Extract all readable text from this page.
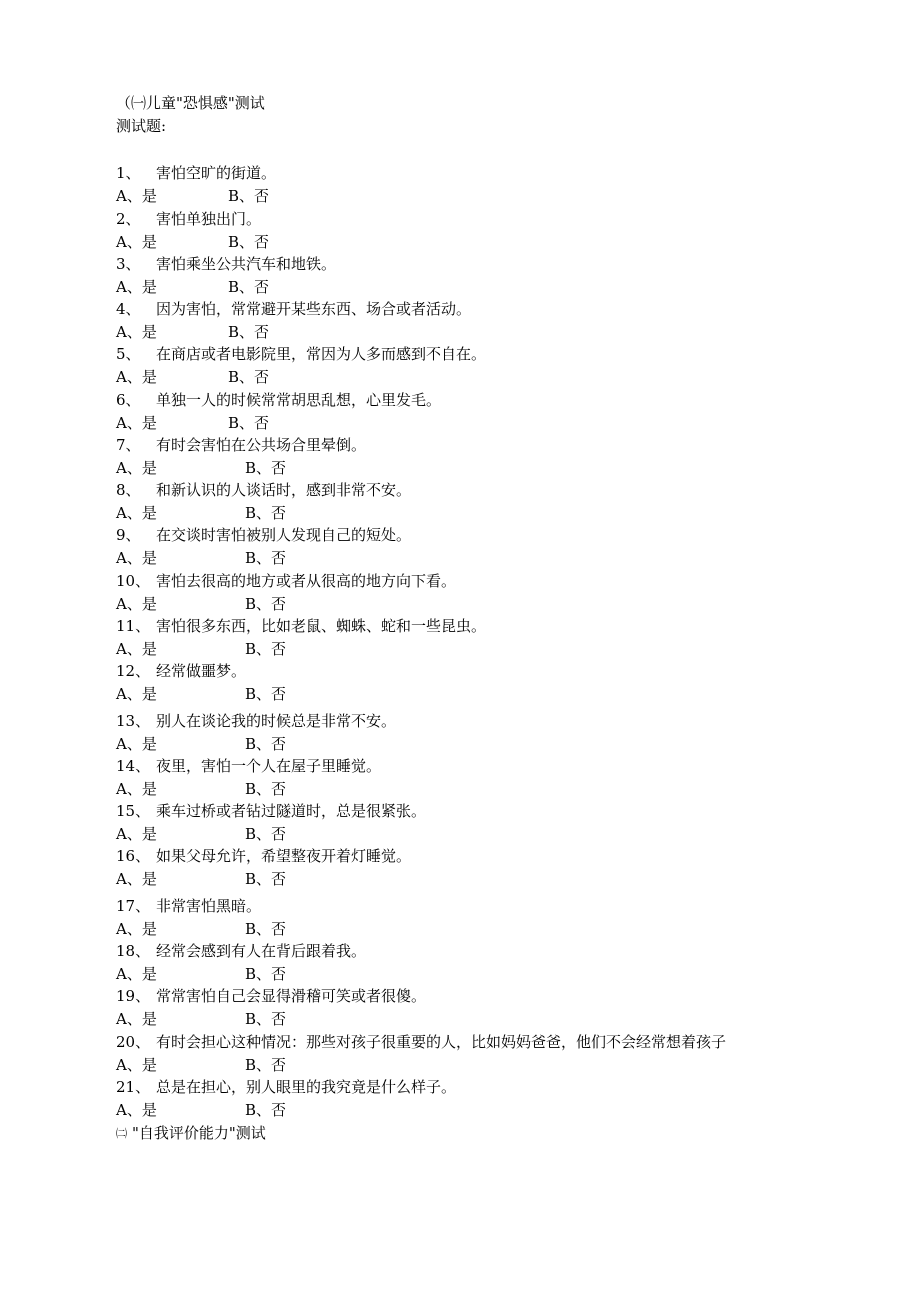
（㈠儿童"恐惧感"测试
测试题:
1、 害怕空旷的街道。
A、是	B、否
2、 害怕单独出门。
A、是	B、否
3、 害怕乘坐公共汽车和地铁。
A、是	B、否
4、 因为害怕，常常避开某些东西、场合或者活动。
A、是	B、否
5、 在商店或者电影院里，常因为人多而感到不自在。
A、是	B、否
6、 单独一人的时候常常胡思乱想，心里发毛。
A、是	B、否
7、 有时会害怕在公共场合里晕倒。
A、是	B、否
8、 和新认识的人谈话时，感到非常不安。
A、是	B、否
9、 在交谈时害怕被别人发现自己的短处。
A、是	B、否
10、 害怕去很高的地方或者从很高的地方向下看。
A、是	B、否
11、 害怕很多东西，比如老鼠、蜘蛛、蛇和一些昆虫。
A、是	B、否
12、 经常做噩梦。
A、是	B、否
13、 别人在谈论我的时候总是非常不安。
A、是	B、否
14、 夜里，害怕一个人在屋子里睡觉。
A、是	B、否
15、 乘车过桥或者钻过隧道时，总是很紧张。
A、是	B、否
16、 如果父母允许，希望整夜开着灯睡觉。
A、是	B、否
17、 非常害怕黑暗。
A、是	B、否
18、 经常会感到有人在背后跟着我。
A、是	B、否
19、 常常害怕自己会显得滑稽可笑或者很傻。
A、是	B、否
20、 有时会担心这种情况：那些对孩子很重要的人，比如妈妈爸爸，他们不会经常想着孩子
A、是	B、否
21、 总是在担心，别人眼里的我究竟是什么样子。
A、是	B、否
㈡ "自我评价能力"测试
